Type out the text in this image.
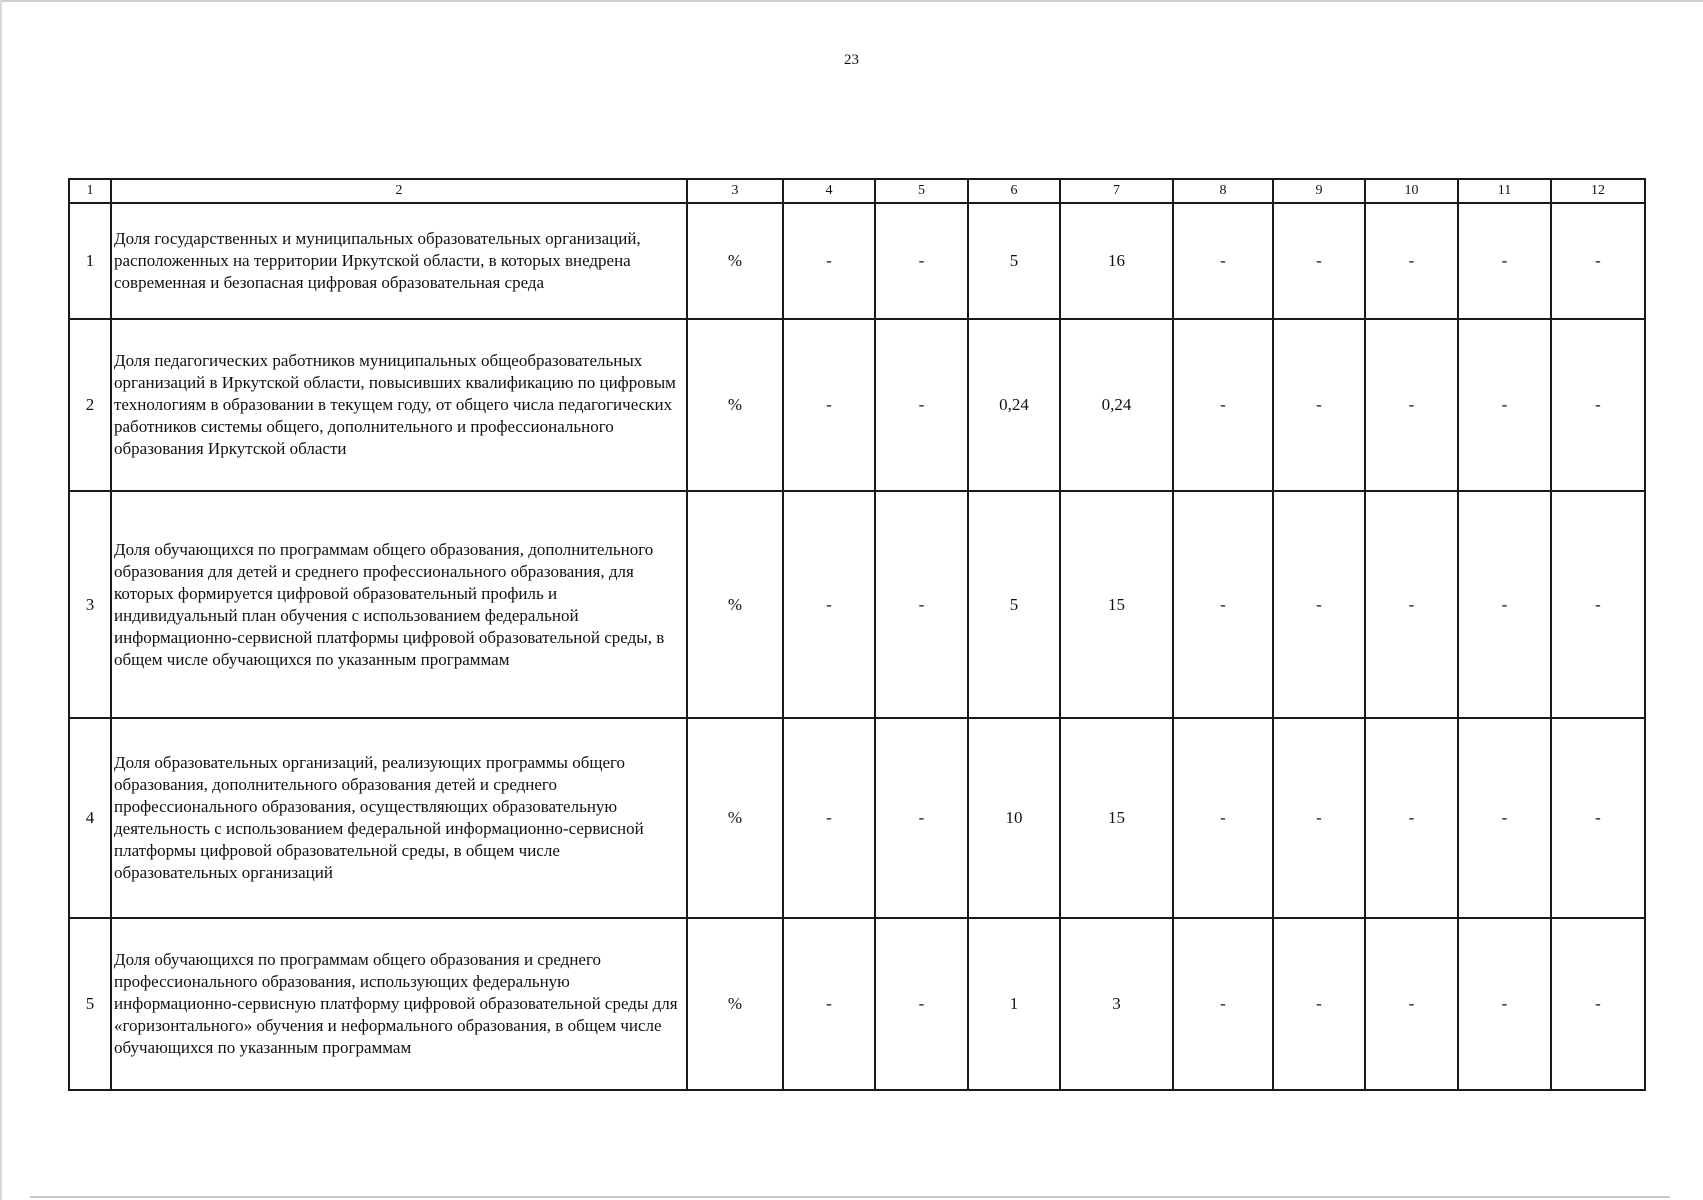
23
1	2	3	4	5	6	7	8	9	10	11	12
1	Доля государственных и муниципальных образовательных организаций, расположенных на территории Иркутской области, в которых внедрена современная и безопасная цифровая образовательная среда	%	-	-	5	16	-	-	-	-	-
2	Доля педагогических работников муниципальных общеобразовательных организаций в Иркутской области, повысивших квалификацию по цифровым технологиям в образовании в текущем году, от общего числа педагогических работников системы общего, дополнительного и профессионального образования Иркутской области	%	-	-	0,24	0,24	-	-	-	-	-
3	Доля обучающихся по программам общего образования, дополнительного образования для детей и среднего профессионального образования, для которых формируется цифровой образовательный профиль и индивидуальный план обучения с использованием федеральной информационно-сервисной платформы цифровой образовательной среды, в общем числе обучающихся по указанным программам	%	-	-	5	15	-	-	-	-	-
4	Доля образовательных организаций, реализующих программы общего образования, дополнительного образования детей и среднего профессионального образования, осуществляющих образовательную деятельность с использованием федеральной информационно-сервисной платформы цифровой образовательной среды, в общем числе образовательных организаций	%	-	-	10	15	-	-	-	-	-
5	Доля обучающихся по программам общего образования и среднего профессионального образования, использующих федеральную информационно-сервисную платформу цифровой образовательной среды для «горизонтального» обучения и неформального образования, в общем числе обучающихся по указанным программам	%	-	-	1	3	-	-	-	-	-
